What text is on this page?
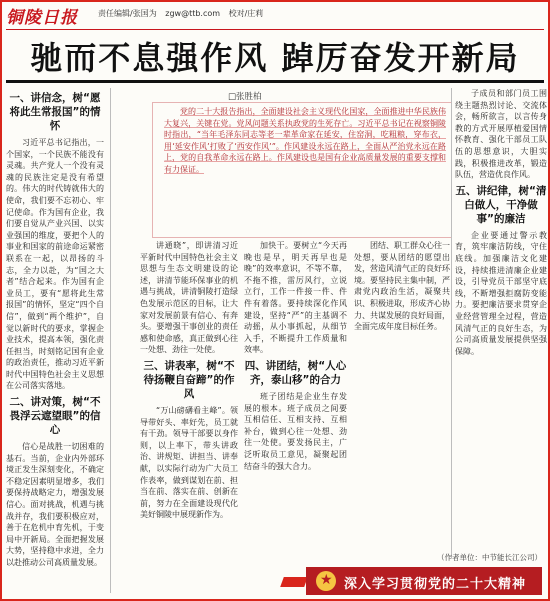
铜陵日报	责任编辑/张国为 zgw@ttb.com 校对/庄莉
驰而不息强作风 踔厉奋发开新局
□张胜柏

党的二十大报告指出，全面建设社会主义现代化国家，全面推进中华民族伟大复兴，关键在党。党风问题关系执政党的生死存亡。习近平总书记在视察铜陵时指出，“当年毛泽东同志等老一辈革命家在延安，住窑洞，吃粗粮，穿布衣，用‘延安作风’打败了‘西安作风’”。作风建设永远在路上，全面从严治党永远在路上，党的自我革命永远在路上。作风建设也是国有企业高质量发展的重要支撑和有力保证。

一、讲信念，树“愿将此生常报国”的情怀

习近平总书记指出，一个国家，一个民族不能没有灵魂。共产党人一个没有灵魂的民族注定是没有希望的。伟大的时代铸就伟大的使命，我们要不忘初心、牢记使命。作为国有企业，我们要自觉从产业兴国、以实业强国的维度，要把个人的事业和国家的前途命运紧密联系在一起，以昂扬的斗志，全力以赴，为“国之大者”结合起来。作为国有企业员工，要有“愿将此生常报国”的情怀，坚定“四个自信”，做到“两个维护”，自觉以新时代的要求，掌握企业技术，提高本领，强化责任担当，时刻铭记国有企业的政治责任，推动习近平新时代中国特色社会主义思想在公司落实落地。

二、讲对策，树“不畏浮云遮望眼”的信心

信心是战胜一切困难的基石。当前，企业内外部环境正发生深刻变化，不确定不稳定因素明显增多，我们要保持战略定力，增强发展信心。面对挑战，机遇与挑战并存，我们要积极应对，善于在危机中育先机，于变局中开新局。全面把握发展大势，坚持稳中求进，全力以赴推动公司高质量发展。

讲通晓”，即讲清习近平新时代中国特色社会主义思想与生态文明建设的论述，讲清节能环保事业的机遇与挑战，讲清铜陵打造绿色发展示范区的目标，让大家对发展前景有信心、有奔头。要增强干事创业的责任感和使命感，真正做到心往一处想、劲往一处使。

三、讲表率，树“不待扬鞭自奋蹄”的作风

“万山磅礴看主峰”。领导带好头、率好先，员工就有干劲。领导干部要以身作则，以上率下，带头讲政治、讲规矩、讲担当、讲奉献，以实际行动为广大员工作表率，做到谋划在前、担当在前、落实在前、创新在前，努力在全面建设现代化美好铜陵中展现新作为。

加快干。要树立“今天再晚也是早，明天再早也是晚”的效率意识，不等不靠，不拖不推，雷厉风行，立说立行，工作一件接一件、件件有着落。要持续深化作风建设，坚持“严”的主基调不动摇，从小事抓起，从细节入手，不断提升工作质量和效率。

四、讲团结，树“人心齐，泰山移”的合力

班子团结是企业生存发展的根本。班子成员之间要互相信任、互相支持、互相补台，做到心往一处想、劲往一处使。要发扬民主，广泛听取员工意见，凝聚起团结奋斗的强大合力。

团结、职工群众心往一处想，要从团结的愿望出发，营造风清气正的良好环境。要坚持民主集中制，严肃党内政治生活，凝聚共识、积极进取，形成齐心协力、共谋发展的良好局面，全面完成年度目标任务。

子成员和部门员工围绕主题热烈讨论、交流体会，畅所欲言，以言传身教的方式开展厚植爱国情怀教育、强化干部员工队伍的思想意识，大胆实践，积极推进改革，锻造队伍，营造优良作风。

五、讲纪律，树“清白做人，干净做事”的廉洁

企业要通过警示教育，筑牢廉洁防线，守住底线。加强廉洁文化建设，持续推进清廉企业建设，引导党员干部坚守底线，不断增强拒腐防变能力。要把廉洁要求贯穿企业经营管理全过程，营造风清气正的良好生态，为公司高质量发展提供坚强保障。

（作者单位：中节能长江公司）
★
深入学习贯彻党的二十大精神
